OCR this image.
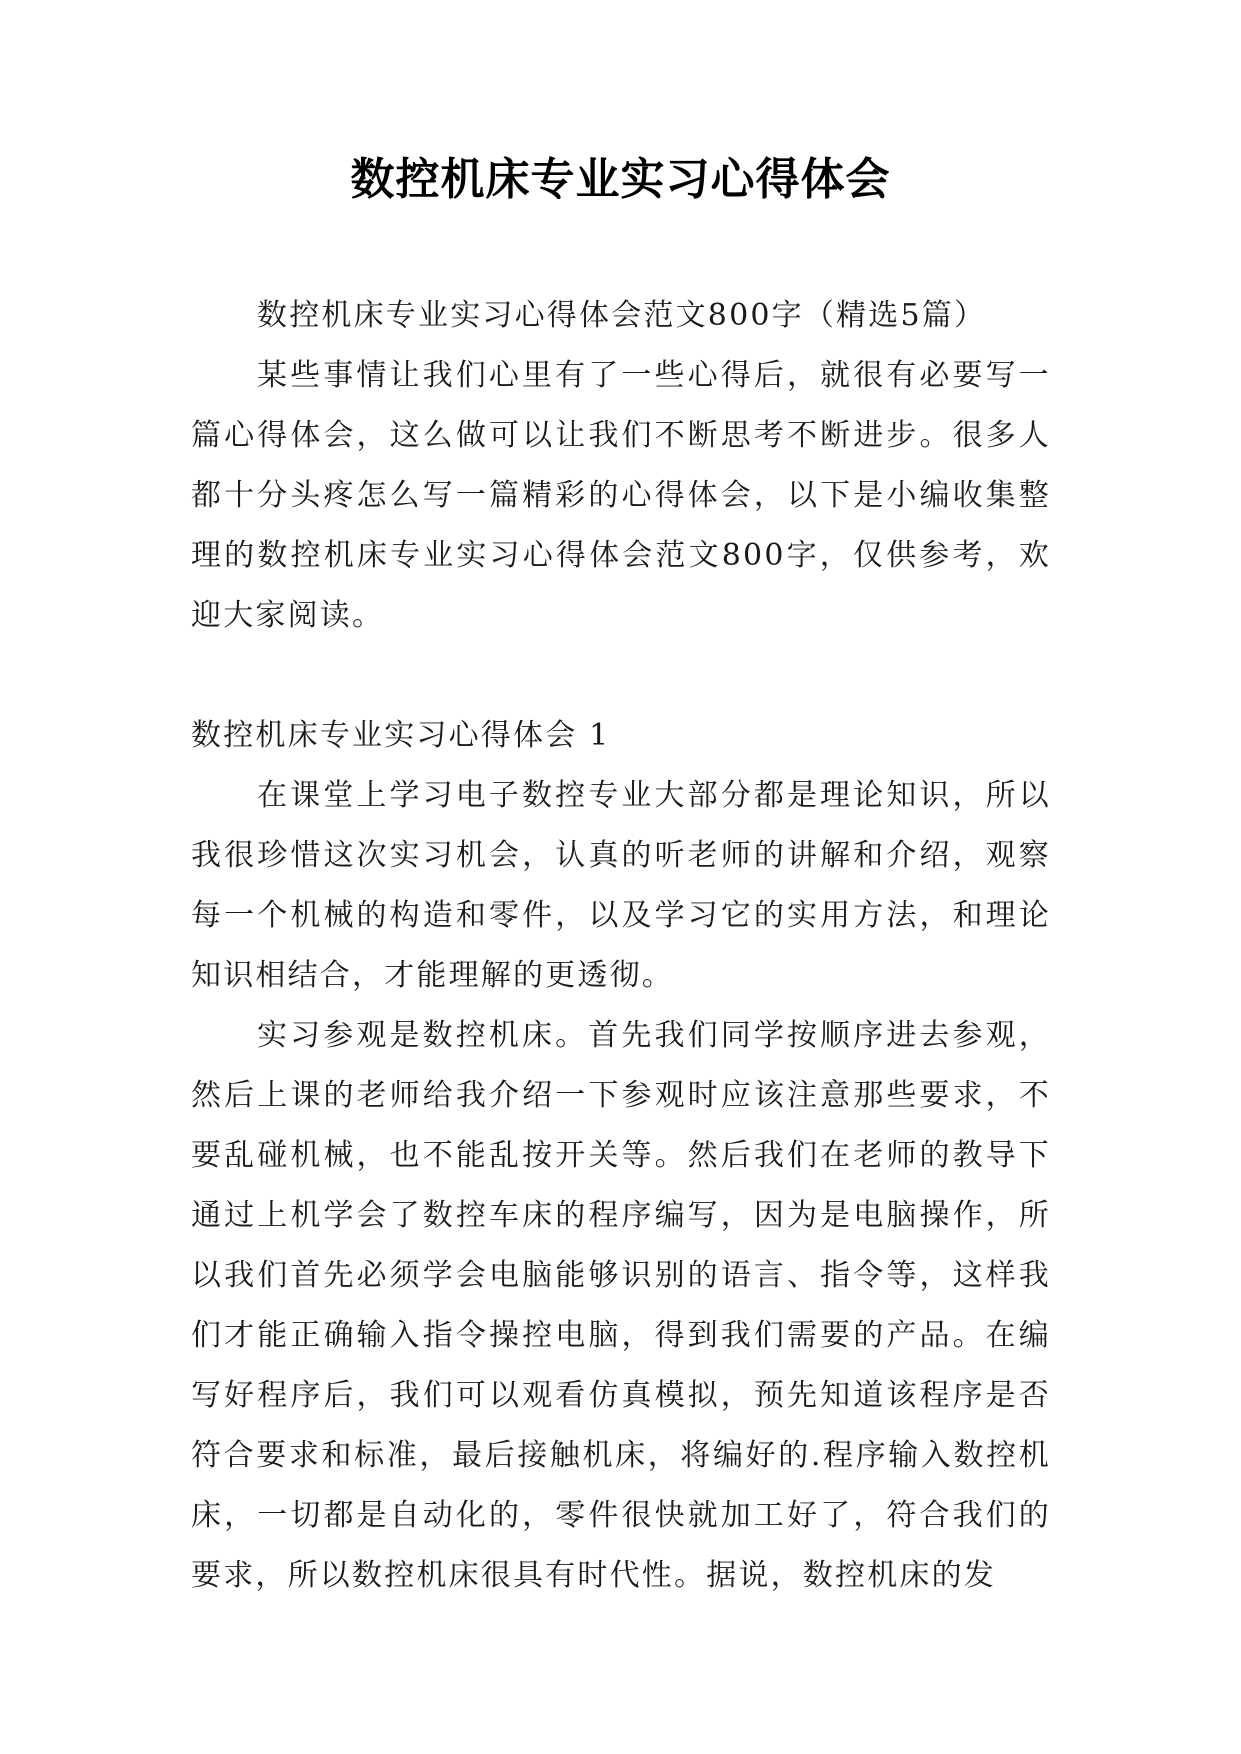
数控机床专业实习心得体会

数控机床专业实习心得体会范文800字（精选5篇）

某些事情让我们心里有了一些心得后，就很有必要写一篇心得体会，这么做可以让我们不断思考不断进步。很多人都十分头疼怎么写一篇精彩的心得体会，以下是小编收集整理的数控机床专业实习心得体会范文800字，仅供参考，欢迎大家阅读。

数控机床专业实习心得体会 1

在课堂上学习电子数控专业大部分都是理论知识，所以我很珍惜这次实习机会，认真的听老师的讲解和介绍，观察每一个机械的构造和零件，以及学习它的实用方法，和理论知识相结合，才能理解的更透彻。

实习参观是数控机床。首先我们同学按顺序进去参观，然后上课的老师给我介绍一下参观时应该注意那些要求，不要乱碰机械，也不能乱按开关等。然后我们在老师的教导下通过上机学会了数控车床的程序编写，因为是电脑操作，所以我们首先必须学会电脑能够识别的语言、指令等，这样我们才能正确输入指令操控电脑，得到我们需要的产品。在编写好程序后，我们可以观看仿真模拟，预先知道该程序是否符合要求和标准，最后接触机床，将编好的.程序输入数控机床，一切都是自动化的，零件很快就加工好了，符合我们的要求，所以数控机床很具有时代性。据说，数控机床的发
